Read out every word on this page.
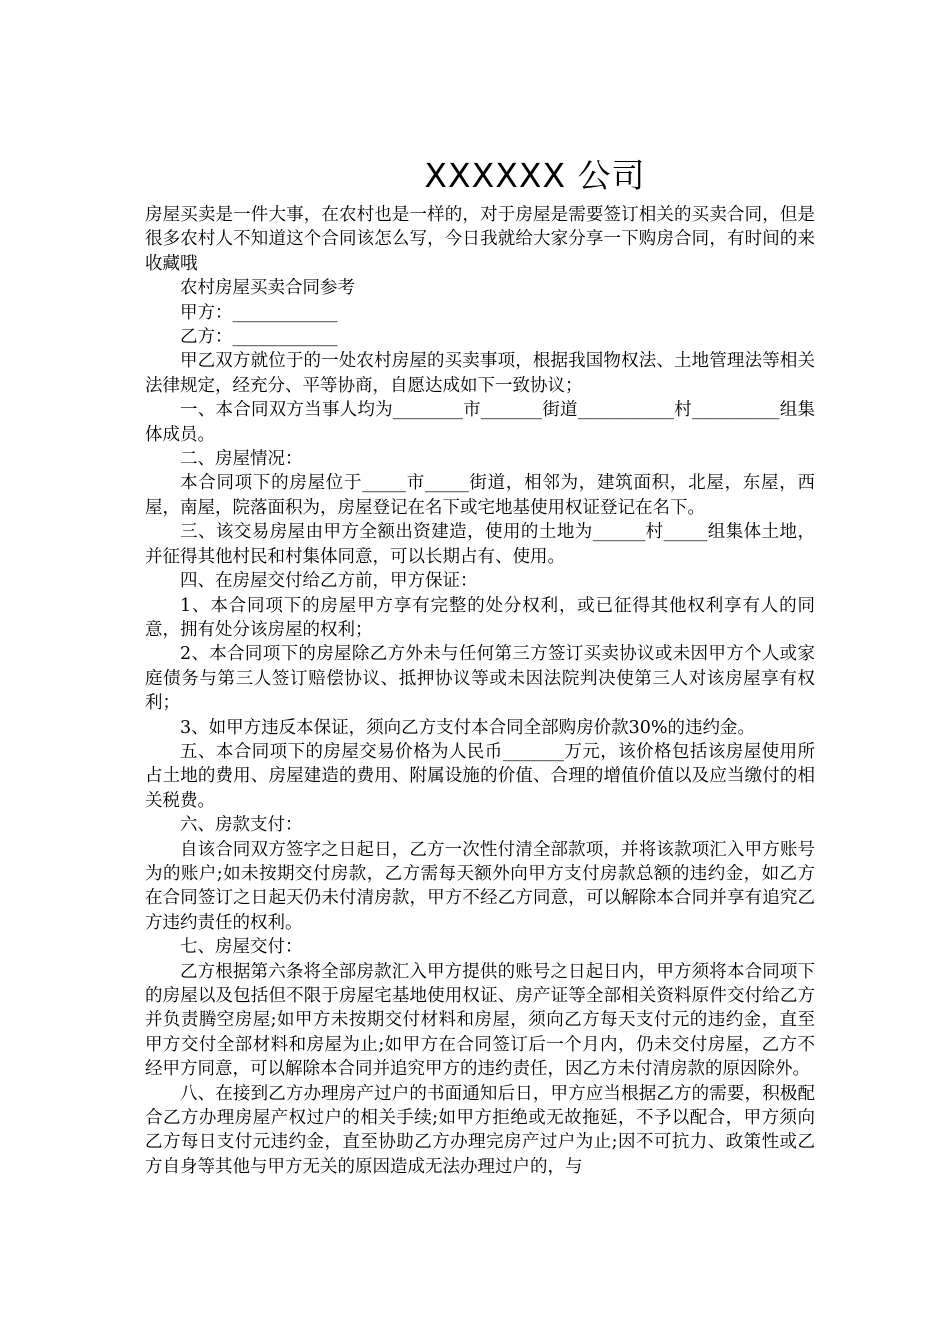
XXXXXX 公司

房屋买卖是一件大事，在农村也是一样的，对于房屋是需要签订相关的买卖合同，但是很多农村人不知道这个合同该怎么写，今日我就给大家分享一下购房合同，有时间的来收藏哦

农村房屋买卖合同参考

甲方：____________

乙方：____________

甲乙双方就位于的一处农村房屋的买卖事项，根据我国物权法、土地管理法等相关法律规定，经充分、平等协商，自愿达成如下一致协议；

一、本合同双方当事人均为________市_______街道___________村__________组集体成员。

二、房屋情况：

本合同项下的房屋位于_____市_____街道，相邻为，建筑面积，北屋，东屋，西屋，南屋，院落面积为，房屋登记在名下或宅地基使用权证登记在名下。

三、该交易房屋由甲方全额出资建造，使用的土地为______村_____组集体土地，并征得其他村民和村集体同意，可以长期占有、使用。

四、在房屋交付给乙方前，甲方保证：

1、本合同项下的房屋甲方享有完整的处分权利，或已征得其他权利享有人的同意，拥有处分该房屋的权利；

2、本合同项下的房屋除乙方外未与任何第三方签订买卖协议或未因甲方个人或家庭债务与第三人签订赔偿协议、抵押协议等或未因法院判决使第三人对该房屋享有权利；

3、如甲方违反本保证，须向乙方支付本合同全部购房价款30%的违约金。

五、本合同项下的房屋交易价格为人民币_______万元，该价格包括该房屋使用所占土地的费用、房屋建造的费用、附属设施的价值、合理的增值价值以及应当缴付的相关税费。

六、房款支付：

自该合同双方签字之日起日，乙方一次性付清全部款项，并将该款项汇入甲方账号为的账户;如未按期交付房款，乙方需每天额外向甲方支付房款总额的违约金，如乙方在合同签订之日起天仍未付清房款，甲方不经乙方同意，可以解除本合同并享有追究乙方违约责任的权利。

七、房屋交付：

乙方根据第六条将全部房款汇入甲方提供的账号之日起日内，甲方须将本合同项下的房屋以及包括但不限于房屋宅基地使用权证、房产证等全部相关资料原件交付给乙方并负责腾空房屋;如甲方未按期交付材料和房屋，须向乙方每天支付元的违约金，直至甲方交付全部材料和房屋为止;如甲方在合同签订后一个月内，仍未交付房屋，乙方不经甲方同意，可以解除本合同并追究甲方的违约责任，因乙方未付清房款的原因除外。

八、在接到乙方办理房产过户的书面通知后日，甲方应当根据乙方的需要，积极配合乙方办理房屋产权过户的相关手续;如甲方拒绝或无故拖延，不予以配合，甲方须向乙方每日支付元违约金，直至协助乙方办理完房产过户为止;因不可抗力、政策性或乙方自身等其他与甲方无关的原因造成无法办理过户的，与
